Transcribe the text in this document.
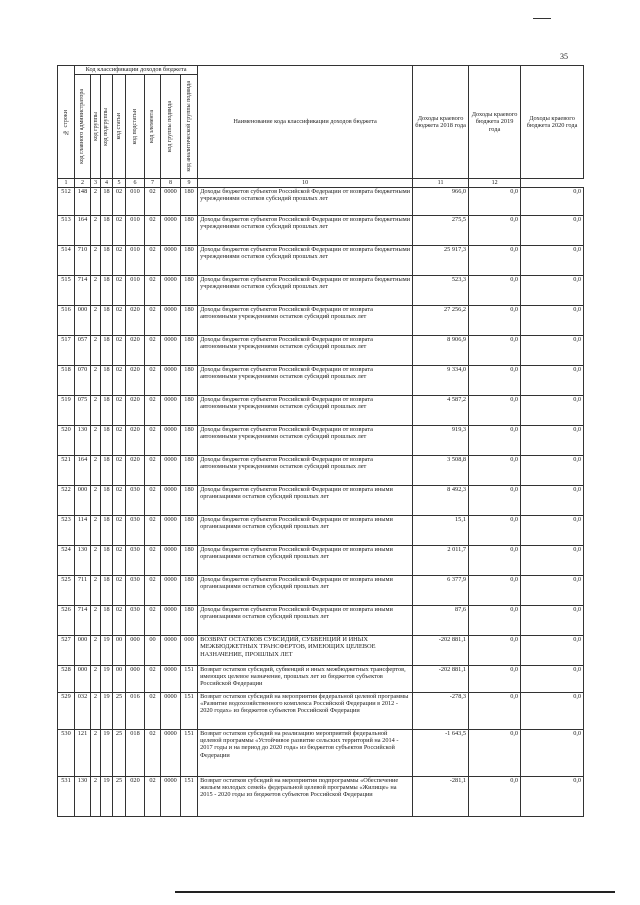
35
№ строки	Код классификации доходов бюджета								Наименование кода классификации доходов бюджета	Доходы краевого бюджета 2018 года	Доходы краевого бюджета 2019 года	Доходы краевого бюджета 2020 года

	код главного администратора	код группы	код подгруппы	код статьи	код подстатьи	код элемента	код группы подвида	код аналитической группы подвида				

1	2	3	4	5	6	7	8	9	10	11	12	
512	148	2	18	02	010	02	0000	180	Доходы бюджетов субъектов Российской Федерации от возврата бюджетными учреждениями остатков субсидий прошлых лет	966,0	0,0	0,0
513	164	2	18	02	010	02	0000	180	Доходы бюджетов субъектов Российской Федерации от возврата бюджетными учреждениями остатков субсидий прошлых лет	275,5	0,0	0,0
514	710	2	18	02	010	02	0000	180	Доходы бюджетов субъектов Российской Федерации от возврата бюджетными учреждениями остатков субсидий прошлых лет	25 917,3	0,0	0,0
515	714	2	18	02	010	02	0000	180	Доходы бюджетов субъектов Российской Федерации от возврата бюджетными учреждениями остатков субсидий прошлых лет	523,3	0,0	0,0
516	000	2	18	02	020	02	0000	180	Доходы бюджетов субъектов Российской Федерации от возврата автономными учреждениями остатков субсидий прошлых лет	27 256,2	0,0	0,0
517	057	2	18	02	020	02	0000	180	Доходы бюджетов субъектов Российской Федерации от возврата автономными учреждениями остатков субсидий прошлых лет	8 906,9	0,0	0,0
518	070	2	18	02	020	02	0000	180	Доходы бюджетов субъектов Российской Федерации от возврата автономными учреждениями остатков субсидий прошлых лет	9 334,0	0,0	0,0
519	075	2	18	02	020	02	0000	180	Доходы бюджетов субъектов Российской Федерации от возврата автономными учреждениями остатков субсидий прошлых лет	4 587,2	0,0	0,0
520	130	2	18	02	020	02	0000	180	Доходы бюджетов субъектов Российской Федерации от возврата автономными учреждениями остатков субсидий прошлых лет	919,3	0,0	0,0
521	164	2	18	02	020	02	0000	180	Доходы бюджетов субъектов Российской Федерации от возврата автономными учреждениями остатков субсидий прошлых лет	3 508,8	0,0	0,0
522	000	2	18	02	030	02	0000	180	Доходы бюджетов субъектов Российской Федерации от возврата иными организациями остатков субсидий прошлых лет	8 492,3	0,0	0,0
523	114	2	18	02	030	02	0000	180	Доходы бюджетов субъектов Российской Федерации от возврата иными организациями остатков субсидий прошлых лет	15,1	0,0	0,0
524	130	2	18	02	030	02	0000	180	Доходы бюджетов субъектов Российской Федерации от возврата иными организациями остатков субсидий прошлых лет	2 011,7	0,0	0,0
525	711	2	18	02	030	02	0000	180	Доходы бюджетов субъектов Российской Федерации от возврата иными организациями остатков субсидий прошлых лет	6 377,9	0,0	0,0
526	714	2	18	02	030	02	0000	180	Доходы бюджетов субъектов Российской Федерации от возврата иными организациями остатков субсидий прошлых лет	87,6	0,0	0,0
527	000	2	19	00	000	00	0000	000	ВОЗВРАТ ОСТАТКОВ СУБСИДИЙ, СУБВЕНЦИЙ И ИНЫХ МЕЖБЮДЖЕТНЫХ ТРАНСФЕРТОВ, ИМЕЮЩИХ ЦЕЛЕВОЕ НАЗНАЧЕНИЕ, ПРОШЛЫХ ЛЕТ	-202 881,1	0,0	0,0
528	000	2	19	00	000	02	0000	151	Возврат остатков субсидий, субвенций и иных межбюджетных трансфертов, имеющих целевое назначение, прошлых лет из бюджетов субъектов Российской Федерации	-202 881,1	0,0	0,0
529	032	2	19	25	016	02	0000	151	Возврат остатков субсидий на мероприятия федеральной целевой программы «Развитие водохозяйственного комплекса Российской Федерации в 2012 - 2020 годах» из бюджетов субъектов Российской Федерации	-278,3	0,0	0,0
530	121	2	19	25	018	02	0000	151	Возврат остатков субсидий на реализацию мероприятий федеральной целевой программы «Устойчивое развитие сельских территорий на 2014 - 2017 годы и на период до 2020 года» из бюджетов субъектов Российской Федерации	-1 643,5	0,0	0,0
531	130	2	19	25	020	02	0000	151	Возврат остатков субсидий на мероприятия подпрограммы «Обеспечение жильем молодых семей» федеральной целевой программы «Жилище» на 2015 - 2020 годы из бюджетов субъектов Российской Федерации	-281,1	0,0	0,0
